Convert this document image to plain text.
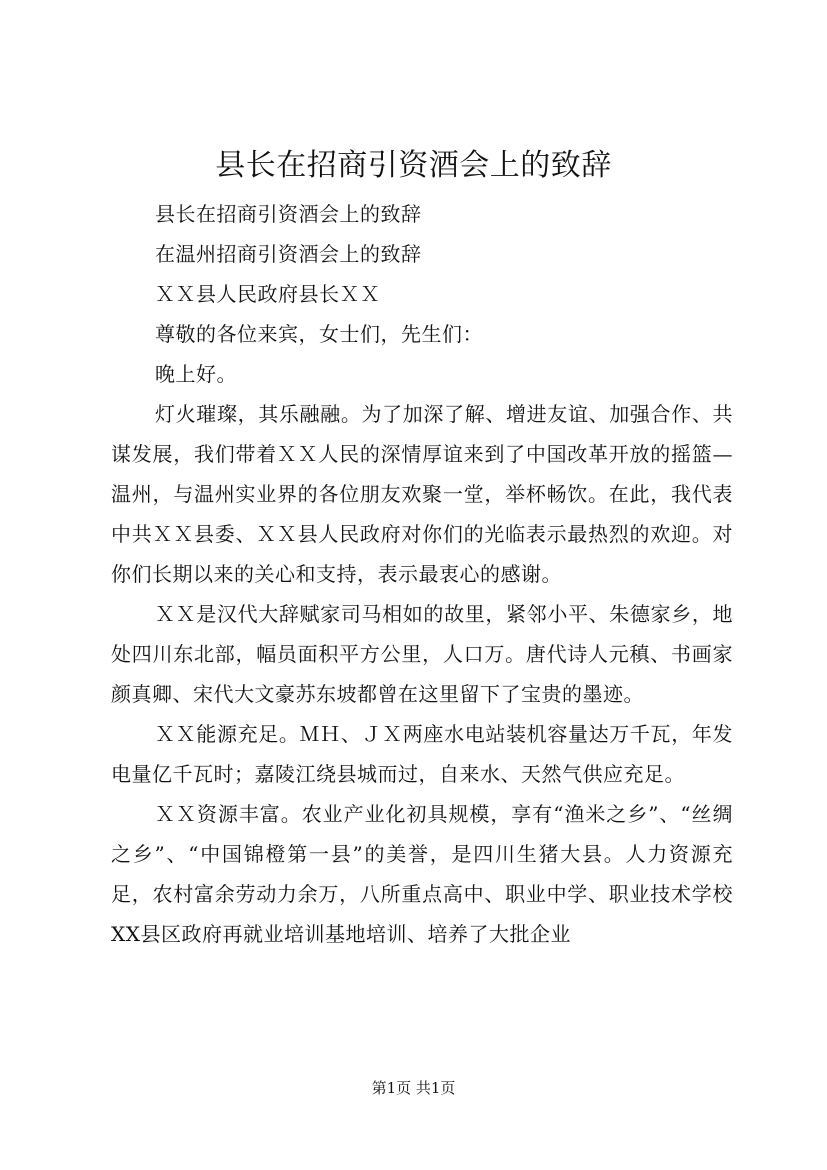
县长在招商引资酒会上的致辞

县长在招商引资酒会上的致辞

在温州招商引资酒会上的致辞

ＸＸ县人民政府县长ＸＸ

尊敬的各位来宾，女士们，先生们：

晚上好。

灯火璀璨，其乐融融。为了加深了解、增进友谊、加强合作、共谋发展，我们带着ＸＸ人民的深情厚谊来到了中国改革开放的摇篮—温州，与温州实业界的各位朋友欢聚一堂，举杯畅饮。在此，我代表中共ＸＸ县委、ＸＸ县人民政府对你们的光临表示最热烈的欢迎。对你们长期以来的关心和支持，表示最衷心的感谢。

ＸＸ是汉代大辞赋家司马相如的故里，紧邻小平、朱德家乡，地处四川东北部，幅员面积平方公里，人口万。唐代诗人元稹、书画家颜真卿、宋代大文豪苏东坡都曾在这里留下了宝贵的墨迹。

ＸＸ能源充足。ＭＨ、ＪＸ两座水电站装机容量达万千瓦，年发电量亿千瓦时；嘉陵江绕县城而过，自来水、天然气供应充足。

ＸＸ资源丰富。农业产业化初具规模，享有“渔米之乡”、“丝绸之乡”、“中国锦橙第一县”的美誉，是四川生猪大县。人力资源充足，农村富余劳动力余万，八所重点高中、职业中学、职业技术学校XX县区政府再就业培训基地培训、培养了大批企业

第1页 共1页
